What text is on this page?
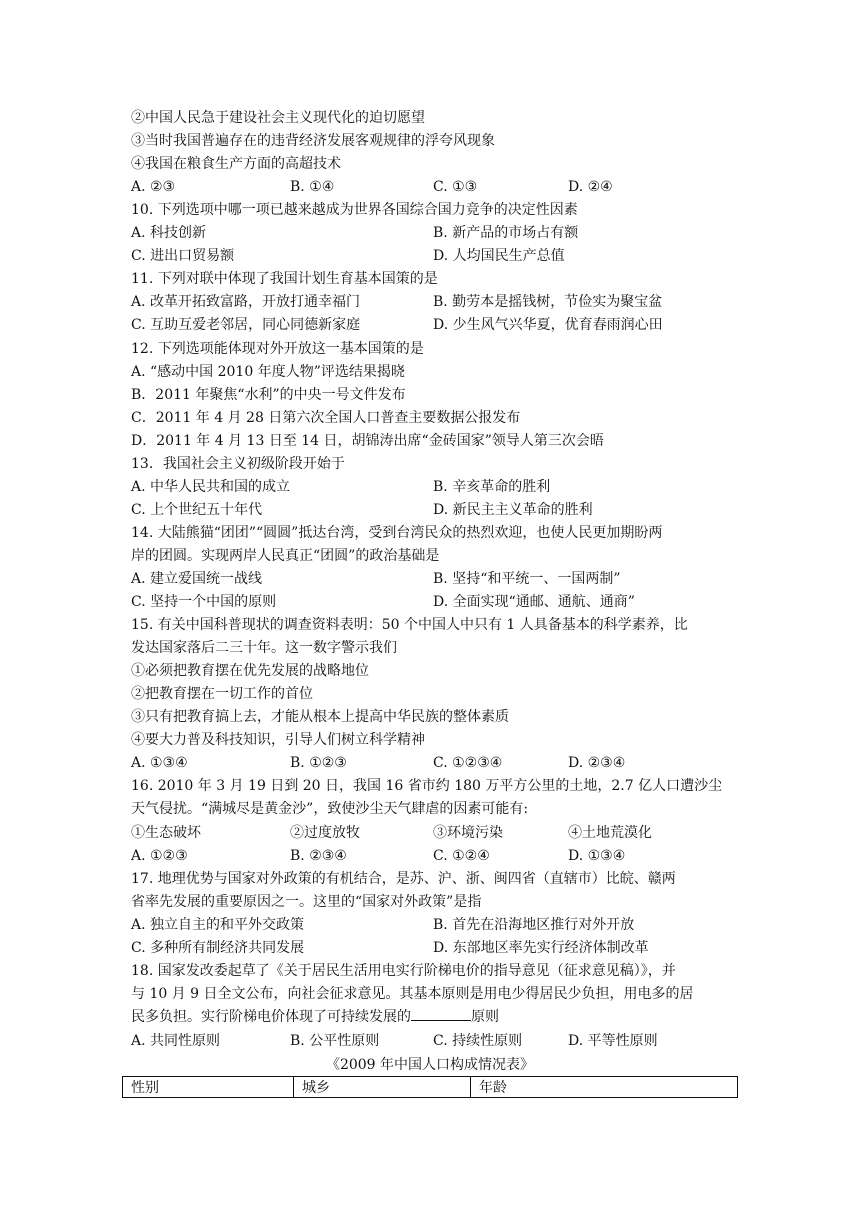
②中国人民急于建设社会主义现代化的迫切愿望
③当时我国普遍存在的违背经济发展客观规律的浮夸风现象
④我国在粮食生产方面的高超技术
A. ②③	B. ①④	C. ①③	D. ②④
10. 下列选项中哪一项已越来越成为世界各国综合国力竞争的决定性因素
A. 科技创新	B. 新产品的市场占有额
C. 进出口贸易额	D. 人均国民生产总值
11. 下列对联中体现了我国计划生育基本国策的是
A. 改革开拓致富路，开放打通幸福门	B. 勤劳本是摇钱树，节俭实为聚宝盆
C. 互助互爱老邻居，同心同德新家庭	D. 少生风气兴华夏，优育春雨润心田
12. 下列选项能体现对外开放这一基本国策的是
A. “感动中国 2010 年度人物”评选结果揭晓
B．2011 年聚焦“水利”的中央一号文件发布
C．2011 年 4 月 28 日第六次全国人口普查主要数据公报发布
D．2011 年 4 月 13 日至 14 日，胡锦涛出席“金砖国家”领导人第三次会晤
13．我国社会主义初级阶段开始于
A. 中华人民共和国的成立	B. 辛亥革命的胜利
C. 上个世纪五十年代	D. 新民主主义革命的胜利
14. 大陆熊猫“团团”“圆圆”抵达台湾，受到台湾民众的热烈欢迎，也使人民更加期盼两
岸的团圆。实现两岸人民真正“团圆”的政治基础是
A. 建立爱国统一战线	B. 坚持“和平统一、一国两制”
C. 坚持一个中国的原则	D. 全面实现“通邮、通航、通商”
15. 有关中国科普现状的调查资料表明：50 个中国人中只有 1 人具备基本的科学素养，比
发达国家落后二三十年。这一数字警示我们
①必须把教育摆在优先发展的战略地位
②把教育摆在一切工作的首位
③只有把教育搞上去，才能从根本上提高中华民族的整体素质
④要大力普及科技知识，引导人们树立科学精神
A. ①③④	B. ①②③	C. ①②③④	D. ②③④
16. 2010 年 3 月 19 日到 20 日，我国 16 省市约 180 万平方公里的土地，2.7 亿人口遭沙尘
天气侵扰。“满城尽是黄金沙”，致使沙尘天气肆虐的因素可能有:
①生态破坏	②过度放牧	③环境污染	④土地荒漠化
A. ①②③	B. ②③④	C. ①②④	D. ①③④
17. 地理优势与国家对外政策的有机结合，是苏、沪、浙、闽四省（直辖市）比皖、赣两
省率先发展的重要原因之一。这里的“国家对外政策”是指
A. 独立自主的和平外交政策	B. 首先在沿海地区推行对外开放
C. 多种所有制经济共同发展	D. 东部地区率先实行经济体制改革
18. 国家发改委起草了《关于居民生活用电实行阶梯电价的指导意见（征求意见稿）》，并
与 10 月 9 日全文公布，向社会征求意见。其基本原则是用电少得居民少负担，用电多的居
民多负担。实行阶梯电价体现了可持续发展的	原则
A. 共同性原则	B. 公平性原则	C. 持续性原则	D. 平等性原则
《2009 年中国人口构成情况表》
性别	城乡	年龄
